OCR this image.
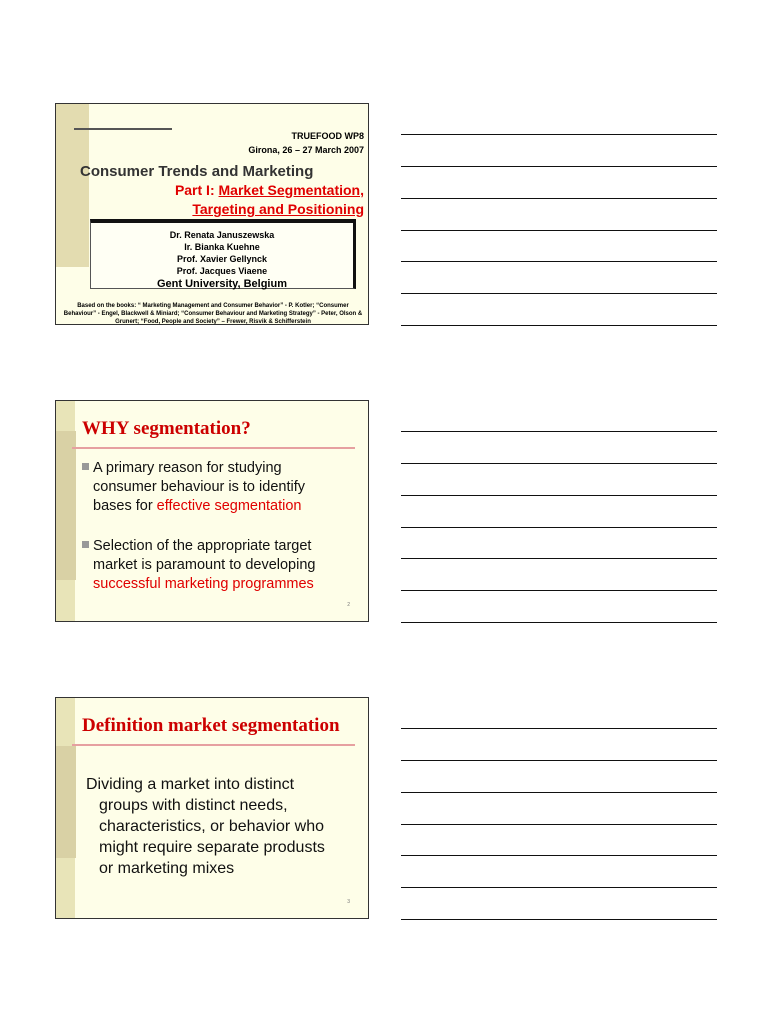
TRUEFOOD WP8
Girona, 26 – 27 March 2007
Consumer Trends and Marketing
Part I: Market Segmentation,
Targeting and Positioning
Dr. Renata Januszewska
Ir. Bianka Kuehne
Prof. Xavier Gellynck
Prof. Jacques Viaene
Gent University, Belgium
Based on the books: “ Marketing Management and Consumer Behavior” - P. Kotler; “Consumer
Behaviour” - Engel, Blackwell & Miniard; “Consumer Behaviour and Marketing Strategy” - Peter, Olson &
Grunert; “Food, People and Society” – Frewer, Risvik & Schifferstein
WHY segmentation?
A primary reason for studying
consumer behaviour is to identify
bases for effective segmentation
Selection of the appropriate target
market is paramount to developing
successful marketing programmes
2
Definition market segmentation
Dividing a market into distinct
groups with distinct needs,
characteristics, or behavior who
might require separate produsts
or marketing mixes
3
